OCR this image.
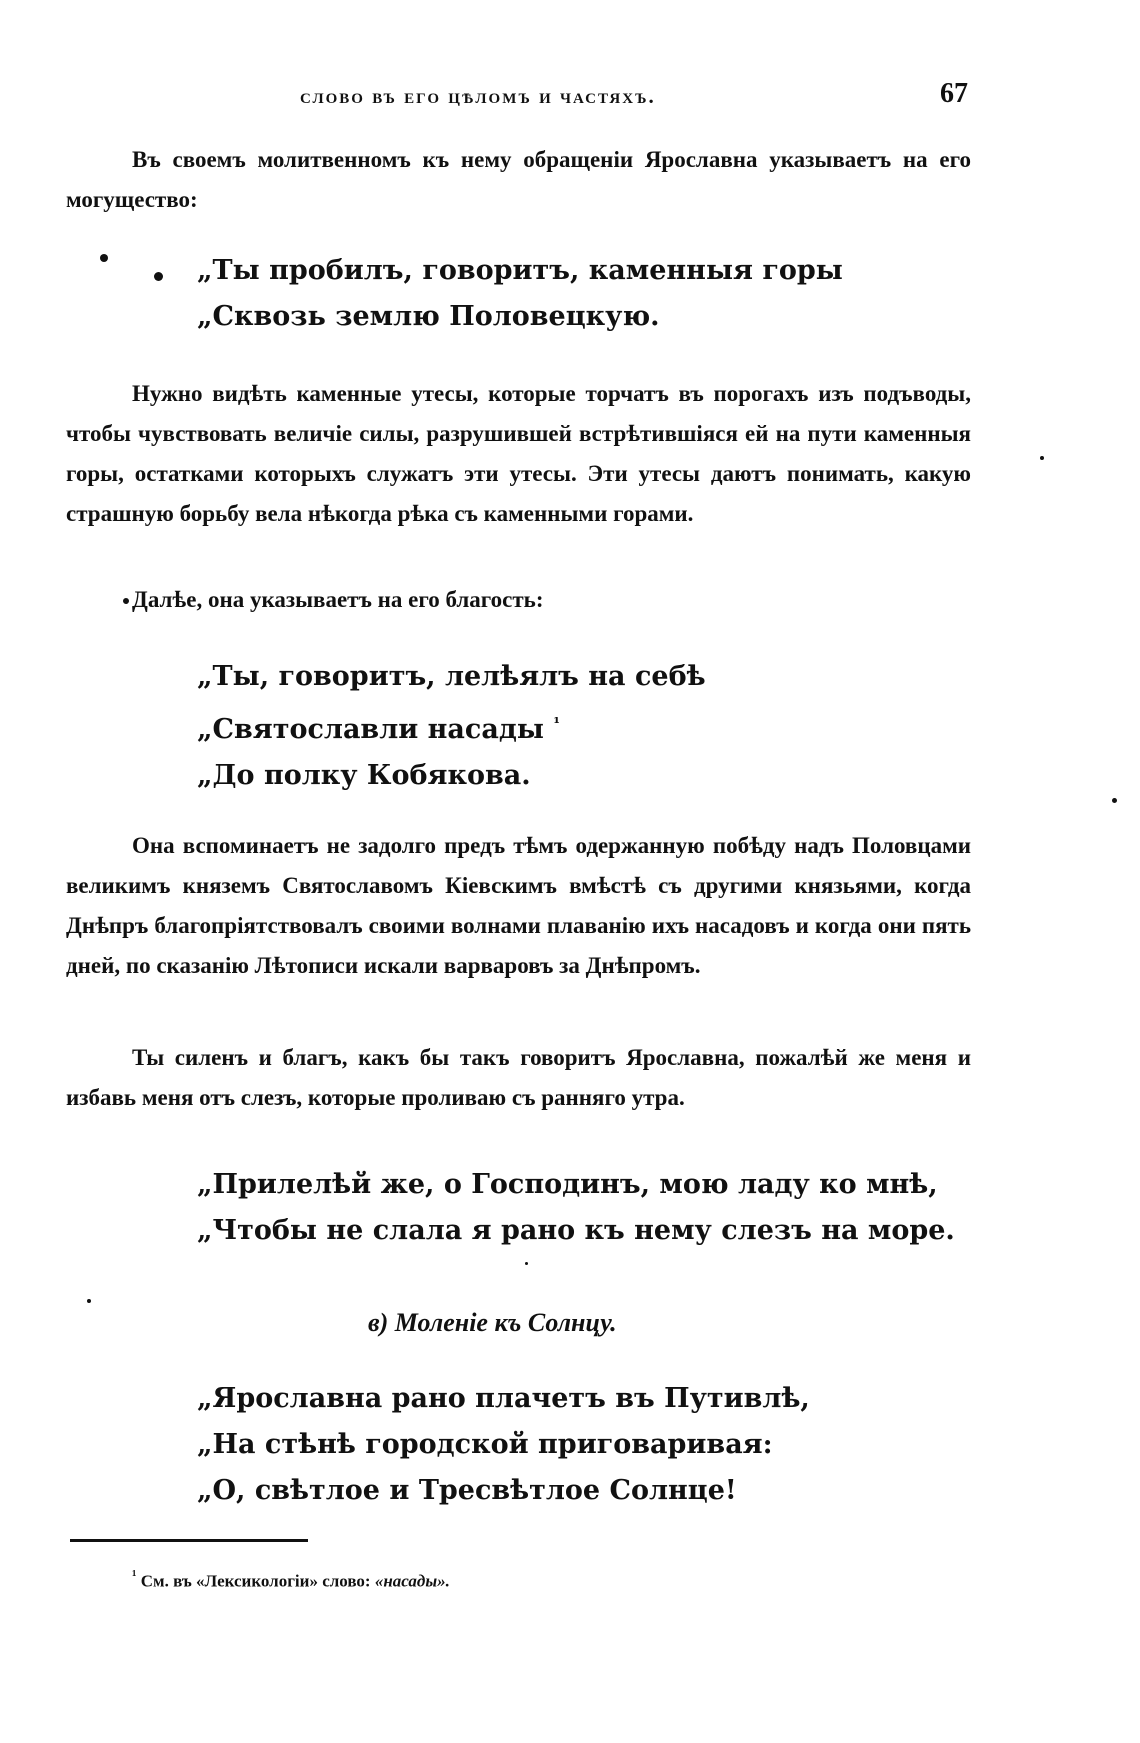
слово въ его цѣломъ и частяхъ.	67
Въ своемъ молитвенномъ къ нему обращеніи Ярославна указываетъ на его могущество:
„Ты пробилъ, говоритъ, каменныя горы
„Сквозь землю Половецкую.
Нужно видѣть каменные утесы, которые торчатъ въ порогахъ изъ подъводы, чтобы чувствовать величіе силы, разрушившей встрѣтившіяся ей на пути каменныя горы, остатками которыхъ служатъ эти утесы. Эти утесы даютъ понимать, какую страшную борьбу вела нѣкогда рѣка съ каменными горами.
Далѣе, она указываетъ на его благость:
„Ты, говоритъ, лелѣялъ на себѣ
„Святославли насады $^{^1}$
„До полку Кобякова.
Она вспоминаетъ не задолго предъ тѣмъ одержанную побѣду надъ Половцами великимъ княземъ Святославомъ Кіевскимъ вмѣстѣ съ другими князьями, когда Днѣпръ благопріятствовалъ своими волнами плаванію ихъ насадовъ и когда они пять дней, по сказанію Лѣтописи искали варваровъ за Днѣпромъ.
Ты силенъ и благъ, какъ бы такъ говоритъ Ярославна, пожалѣй же меня и избавь меня отъ слезъ, которые проливаю съ ранняго утра.
„Прилелѣй же, о Господинъ, мою ладу ко мнѣ,
„Чтобы не слала я рано къ нему слезъ на море.
в) Моленіе къ Солнцу.
„Ярославна рано плачетъ въ Путивлѣ,
„На стѣнѣ городской приговаривая:
„О, свѣтлое и Тресвѣтлое Солнце!
¹ См. въ «Лексикологіи» слово: «насады».
